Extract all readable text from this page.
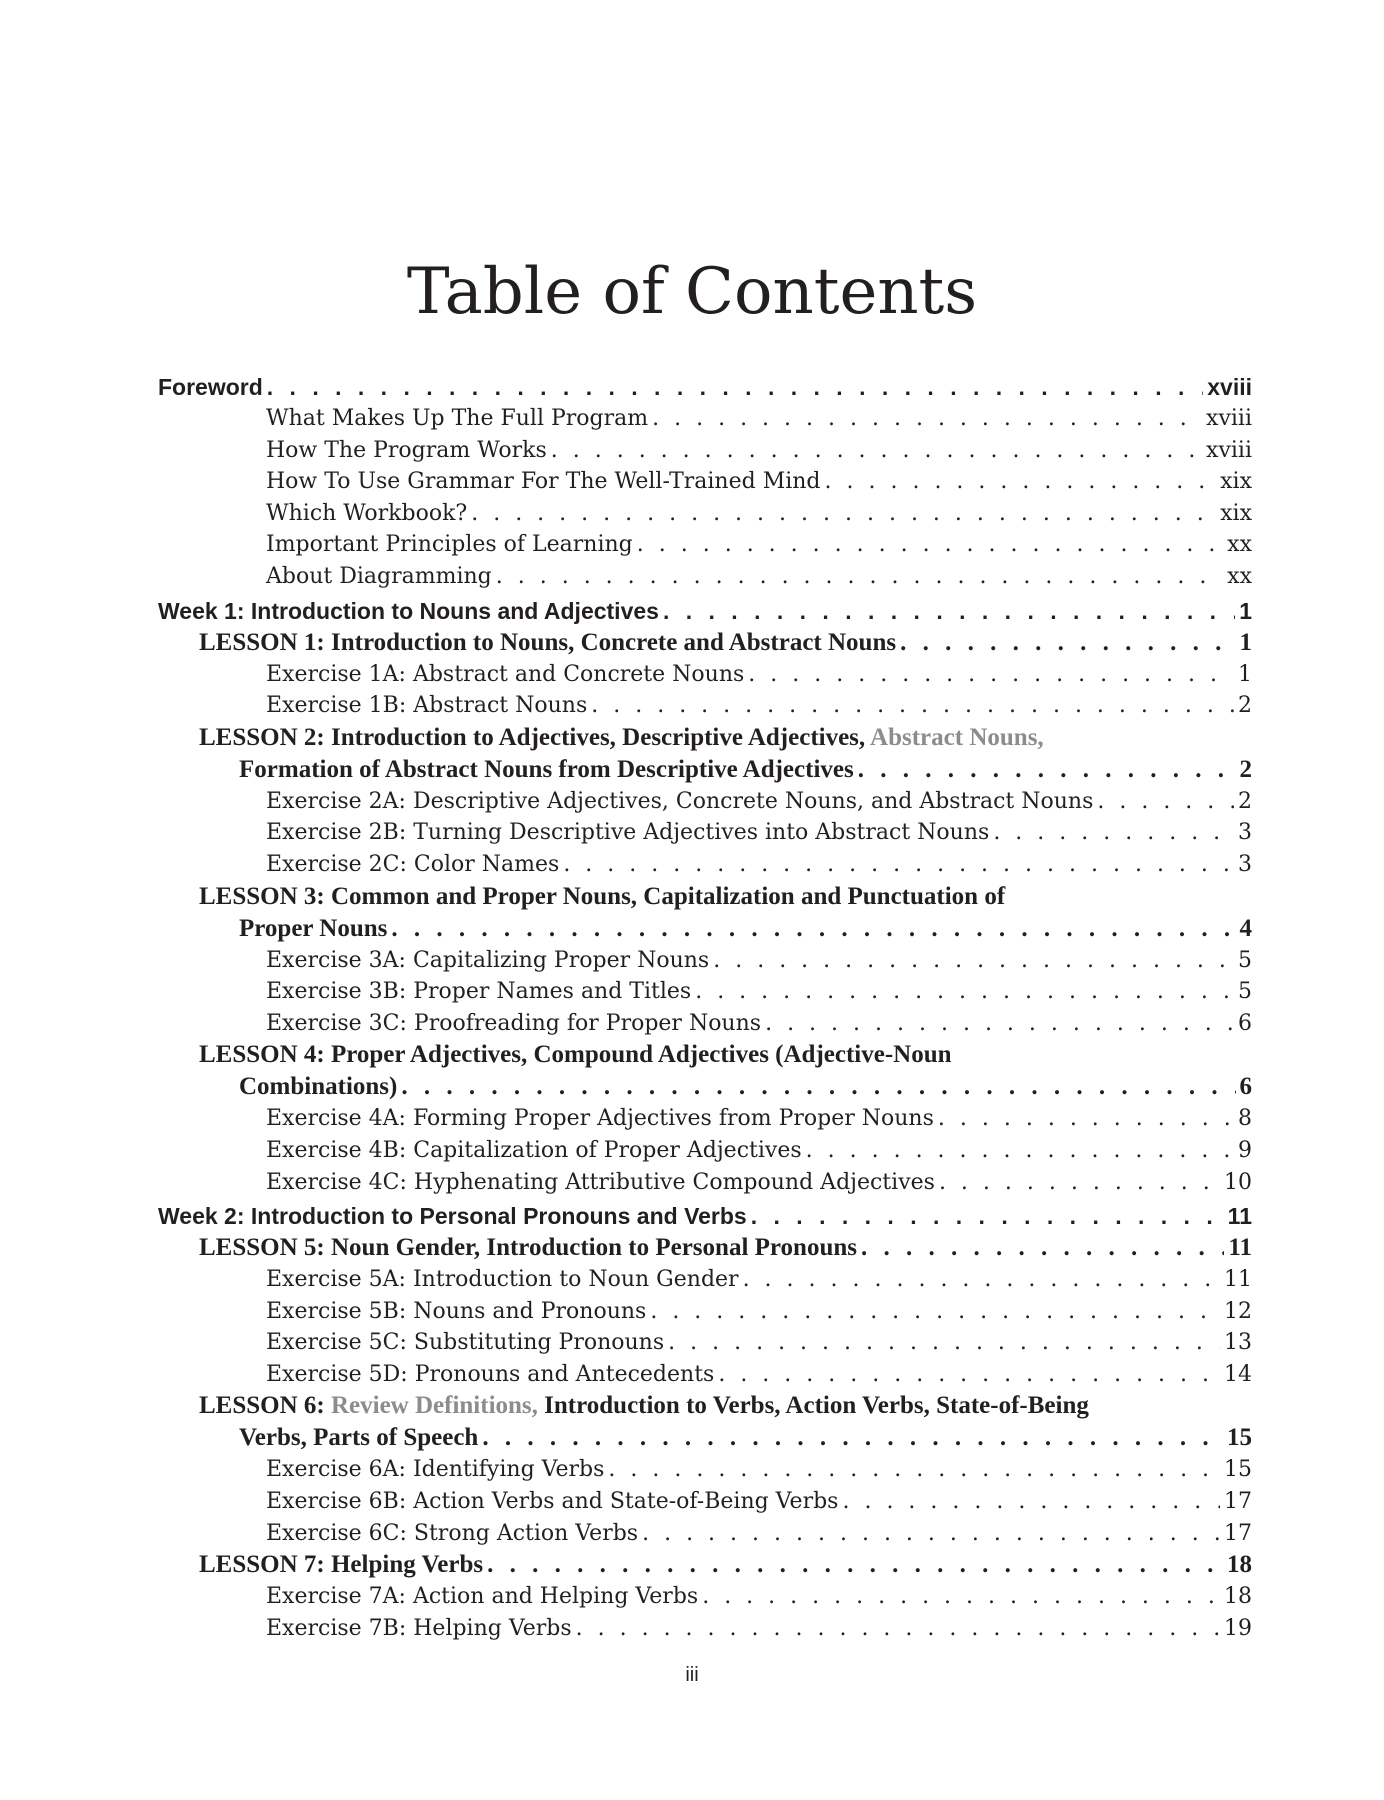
Table of Contents
Foreword . . .	xviii
What Makes Up The Full Program . . .	xviii
How The Program Works . . .	xviii
How To Use Grammar For The Well-Trained Mind . . .	xix
Which Workbook? . . .	xix
Important Principles of Learning . . .	xx
About Diagramming . . .	xx
Week 1: Introduction to Nouns and Adjectives . . .	1
LESSON 1: Introduction to Nouns, Concrete and Abstract Nouns . . .	1
Exercise 1A: Abstract and Concrete Nouns . . .	1
Exercise 1B: Abstract Nouns . . .	2
LESSON 2: Introduction to Adjectives, Descriptive Adjectives, Abstract Nouns,
Formation of Abstract Nouns from Descriptive Adjectives . . .	2
Exercise 2A: Descriptive Adjectives, Concrete Nouns, and Abstract Nouns . . .	2
Exercise 2B: Turning Descriptive Adjectives into Abstract Nouns . . .	3
Exercise 2C: Color Names . . .	3
LESSON 3: Common and Proper Nouns, Capitalization and Punctuation of
Proper Nouns . . .	4
Exercise 3A: Capitalizing Proper Nouns . . .	5
Exercise 3B: Proper Names and Titles . . .	5
Exercise 3C: Proofreading for Proper Nouns . . .	6
LESSON 4: Proper Adjectives, Compound Adjectives (Adjective-Noun
Combinations) . . .	6
Exercise 4A: Forming Proper Adjectives from Proper Nouns . . .	8
Exercise 4B: Capitalization of Proper Adjectives . . .	9
Exercise 4C: Hyphenating Attributive Compound Adjectives . . .	10
Week 2: Introduction to Personal Pronouns and Verbs . . .	11
LESSON 5: Noun Gender, Introduction to Personal Pronouns . . .	11
Exercise 5A: Introduction to Noun Gender . . .	11
Exercise 5B: Nouns and Pronouns . . .	12
Exercise 5C: Substituting Pronouns . . .	13
Exercise 5D: Pronouns and Antecedents . . .	14
LESSON 6: Review Definitions, Introduction to Verbs, Action Verbs, State-of-Being
Verbs, Parts of Speech . . .	15
Exercise 6A: Identifying Verbs . . .	15
Exercise 6B: Action Verbs and State-of-Being Verbs . . .	17
Exercise 6C: Strong Action Verbs . . .	17
LESSON 7: Helping Verbs . . .	18
Exercise 7A: Action and Helping Verbs . . .	18
Exercise 7B: Helping Verbs . . .	19
iii
